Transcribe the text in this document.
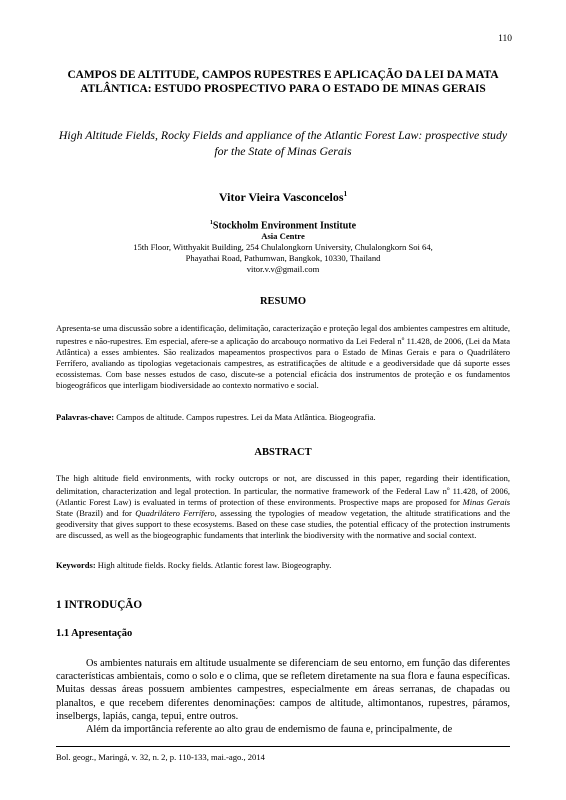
110
CAMPOS DE ALTITUDE, CAMPOS RUPESTRES E APLICAÇÃO DA LEI DA MATA ATLÂNTICA: ESTUDO PROSPECTIVO PARA O ESTADO DE MINAS GERAIS
High Altitude Fields, Rocky Fields and appliance of the Atlantic Forest Law: prospective study for the State of Minas Gerais
Vitor Vieira Vasconcelos$^1$
$^1$Stockholm Environment Institute
Asia Centre
15th Floor, Witthyakit Building, 254 Chulalongkorn University, Chulalongkorn Soi 64,
Phayathai Road, Pathumwan, Bangkok, 10330, Thailand
vitor.v.v@gmail.com
RESUMO
Apresenta-se uma discussão sobre a identificação, delimitação, caracterização e proteção legal dos ambientes campestres em altitude, rupestres e não-rupestres. Em especial, afere-se a aplicação do arcabouço normativo da Lei Federal $n^o$ 11.428, de 2006, (Lei da Mata Atlântica) a esses ambientes. São realizados mapeamentos prospectivos para o Estado de Minas Gerais e para o Quadrilátero Ferrífero, avaliando as tipologias vegetacionais campestres, as estratificações de altitude e a geodiversidade que dá suporte esses ecossistemas. Com base nesses estudos de caso, discute-se a potencial eficácia dos instrumentos de proteção e os fundamentos biogeográficos que interligam biodiversidade ao contexto normativo e social.
Palavras-chave: Campos de altitude. Campos rupestres. Lei da Mata Atlântica. Biogeografia.
ABSTRACT
The high altitude field environments, with rocky outcrops or not, are discussed in this paper, regarding their identification, delimitation, characterization and legal protection. In particular, the normative framework of the Federal Law $n^o$ 11.428, of 2006, (Atlantic Forest Law) is evaluated in terms of protection of these environments. Prospective maps are proposed for Minas Gerais State (Brazil) and for Quadrilátero Ferrífero, assessing the typologies of meadow vegetation, the altitude stratifications and the geodiversity that gives support to these ecosystems. Based on these case studies, the potential efficacy of the protection instruments are discussed, as well as the biogeographic fundaments that interlink the biodiversity with the normative and social context.
Keywords: High altitude fields. Rocky fields. Atlantic forest law. Biogeography.
1 INTRODUÇÃO
1.1 Apresentação

Os ambientes naturais em altitude usualmente se diferenciam de seu entorno, em função das diferentes características ambientais, como o solo e o clima, que se refletem diretamente na sua flora e fauna específicas. Muitas dessas áreas possuem ambientes campestres, especialmente em áreas serranas, de chapadas ou planaltos, e que recebem diferentes denominações: campos de altitude, altimontanos, rupestres, páramos, inselbergs, lapiás, canga, tepui, entre outros.

Além da importância referente ao alto grau de endemismo de fauna e, principalmente, de

Bol. geogr., Maringá, v. 32, n. 2, p. 110-133, mai.-ago., 2014
